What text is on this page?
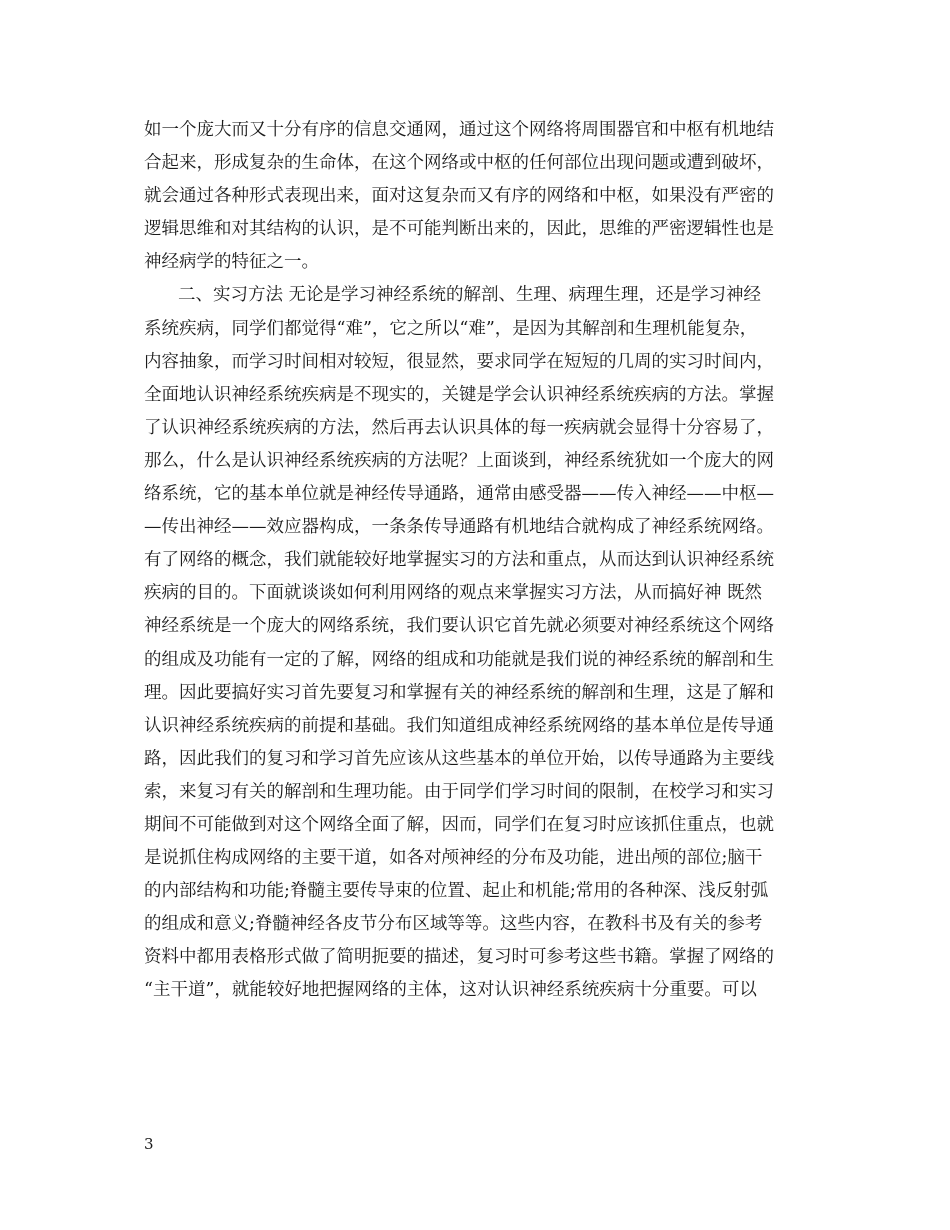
如一个庞大而又十分有序的信息交通网，通过这个网络将周围器官和中枢有机地结
合起来，形成复杂的生命体，在这个网络或中枢的任何部位出现问题或遭到破坏，
就会通过各种形式表现出来，面对这复杂而又有序的网络和中枢，如果没有严密的
逻辑思维和对其结构的认识，是不可能判断出来的，因此，思维的严密逻辑性也是
神经病学的特征之一。
二、实习方法 无论是学习神经系统的解剖、生理、病理生理，还是学习神经
系统疾病，同学们都觉得“难”，它之所以“难”，是因为其解剖和生理机能复杂，
内容抽象，而学习时间相对较短，很显然，要求同学在短短的几周的实习时间内，
全面地认识神经系统疾病是不现实的，关键是学会认识神经系统疾病的方法。掌握
了认识神经系统疾病的方法，然后再去认识具体的每一疾病就会显得十分容易了，
那么，什么是认识神经系统疾病的方法呢？上面谈到，神经系统犹如一个庞大的网
络系统，它的基本单位就是神经传导通路，通常由感受器——传入神经——中枢—
—传出神经——效应器构成，一条条传导通路有机地结合就构成了神经系统网络。
有了网络的概念，我们就能较好地掌握实习的方法和重点，从而达到认识神经系统
疾病的目的。下面就谈谈如何利用网络的观点来掌握实习方法，从而搞好神 既然
神经系统是一个庞大的网络系统，我们要认识它首先就必须要对神经系统这个网络
的组成及功能有一定的了解，网络的组成和功能就是我们说的神经系统的解剖和生
理。因此要搞好实习首先要复习和掌握有关的神经系统的解剖和生理，这是了解和
认识神经系统疾病的前提和基础。我们知道组成神经系统网络的基本单位是传导通
路，因此我们的复习和学习首先应该从这些基本的单位开始，以传导通路为主要线
索，来复习有关的解剖和生理功能。由于同学们学习时间的限制，在校学习和实习
期间不可能做到对这个网络全面了解，因而，同学们在复习时应该抓住重点，也就
是说抓住构成网络的主要干道，如各对颅神经的分布及功能，进出颅的部位;脑干
的内部结构和功能;脊髓主要传导束的位置、起止和机能;常用的各种深、浅反射弧
的组成和意义;脊髓神经各皮节分布区域等等。这些内容，在教科书及有关的参考
资料中都用表格形式做了简明扼要的描述，复习时可参考这些书籍。掌握了网络的
“主干道”，就能较好地把握网络的主体，这对认识神经系统疾病十分重要。可以
3
